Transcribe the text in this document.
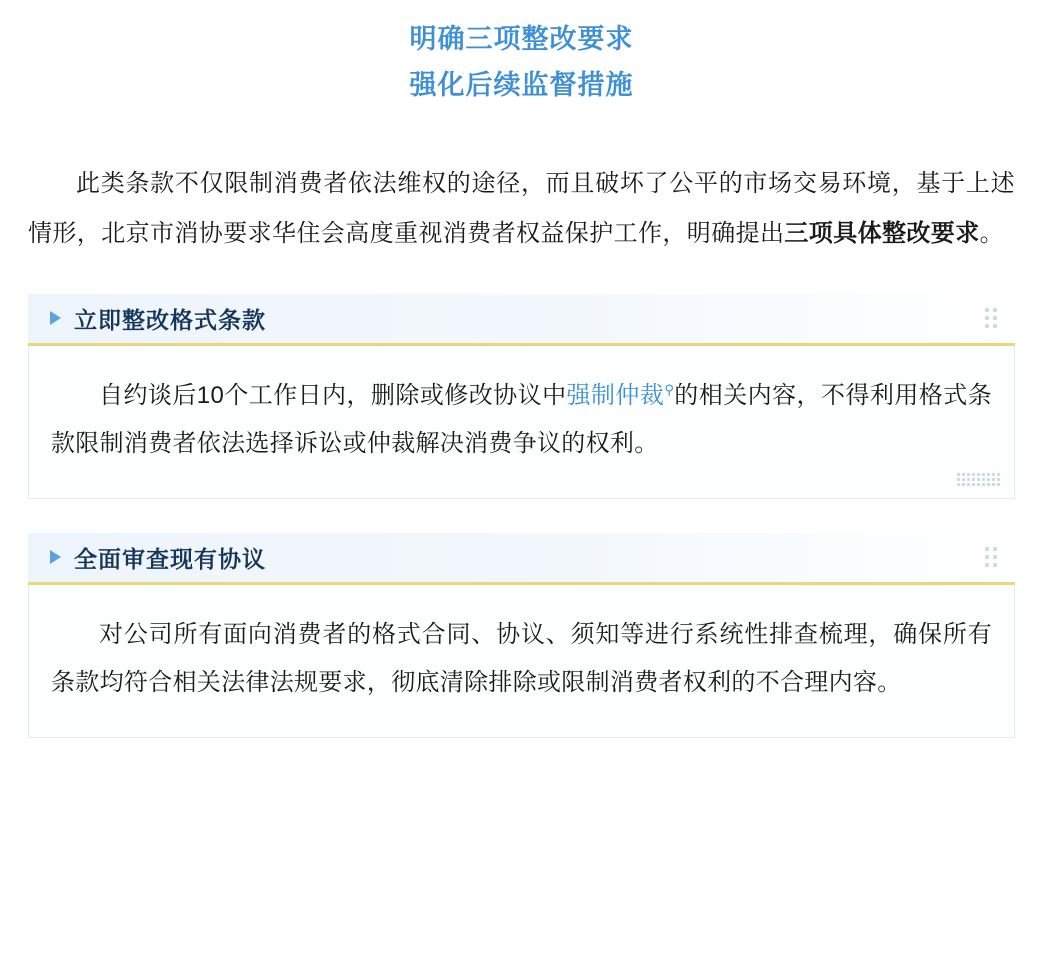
明确三项整改要求
强化后续监督措施

此类条款不仅限制消费者依法维权的途径，而且破坏了公平的市场交易环境，基于上述情形，北京市消协要求华住会高度重视消费者权益保护工作，明确提出三项具体整改要求。

立即整改格式条款

自约谈后10个工作日内，删除或修改协议中强制仲裁⚲的相关内容，不得利用格式条款限制消费者依法选择诉讼或仲裁解决消费争议的权利。

全面审查现有协议

对公司所有面向消费者的格式合同、协议、须知等进行系统性排查梳理，确保所有条款均符合相关法律法规要求，彻底清除排除或限制消费者权利的不合理内容。
